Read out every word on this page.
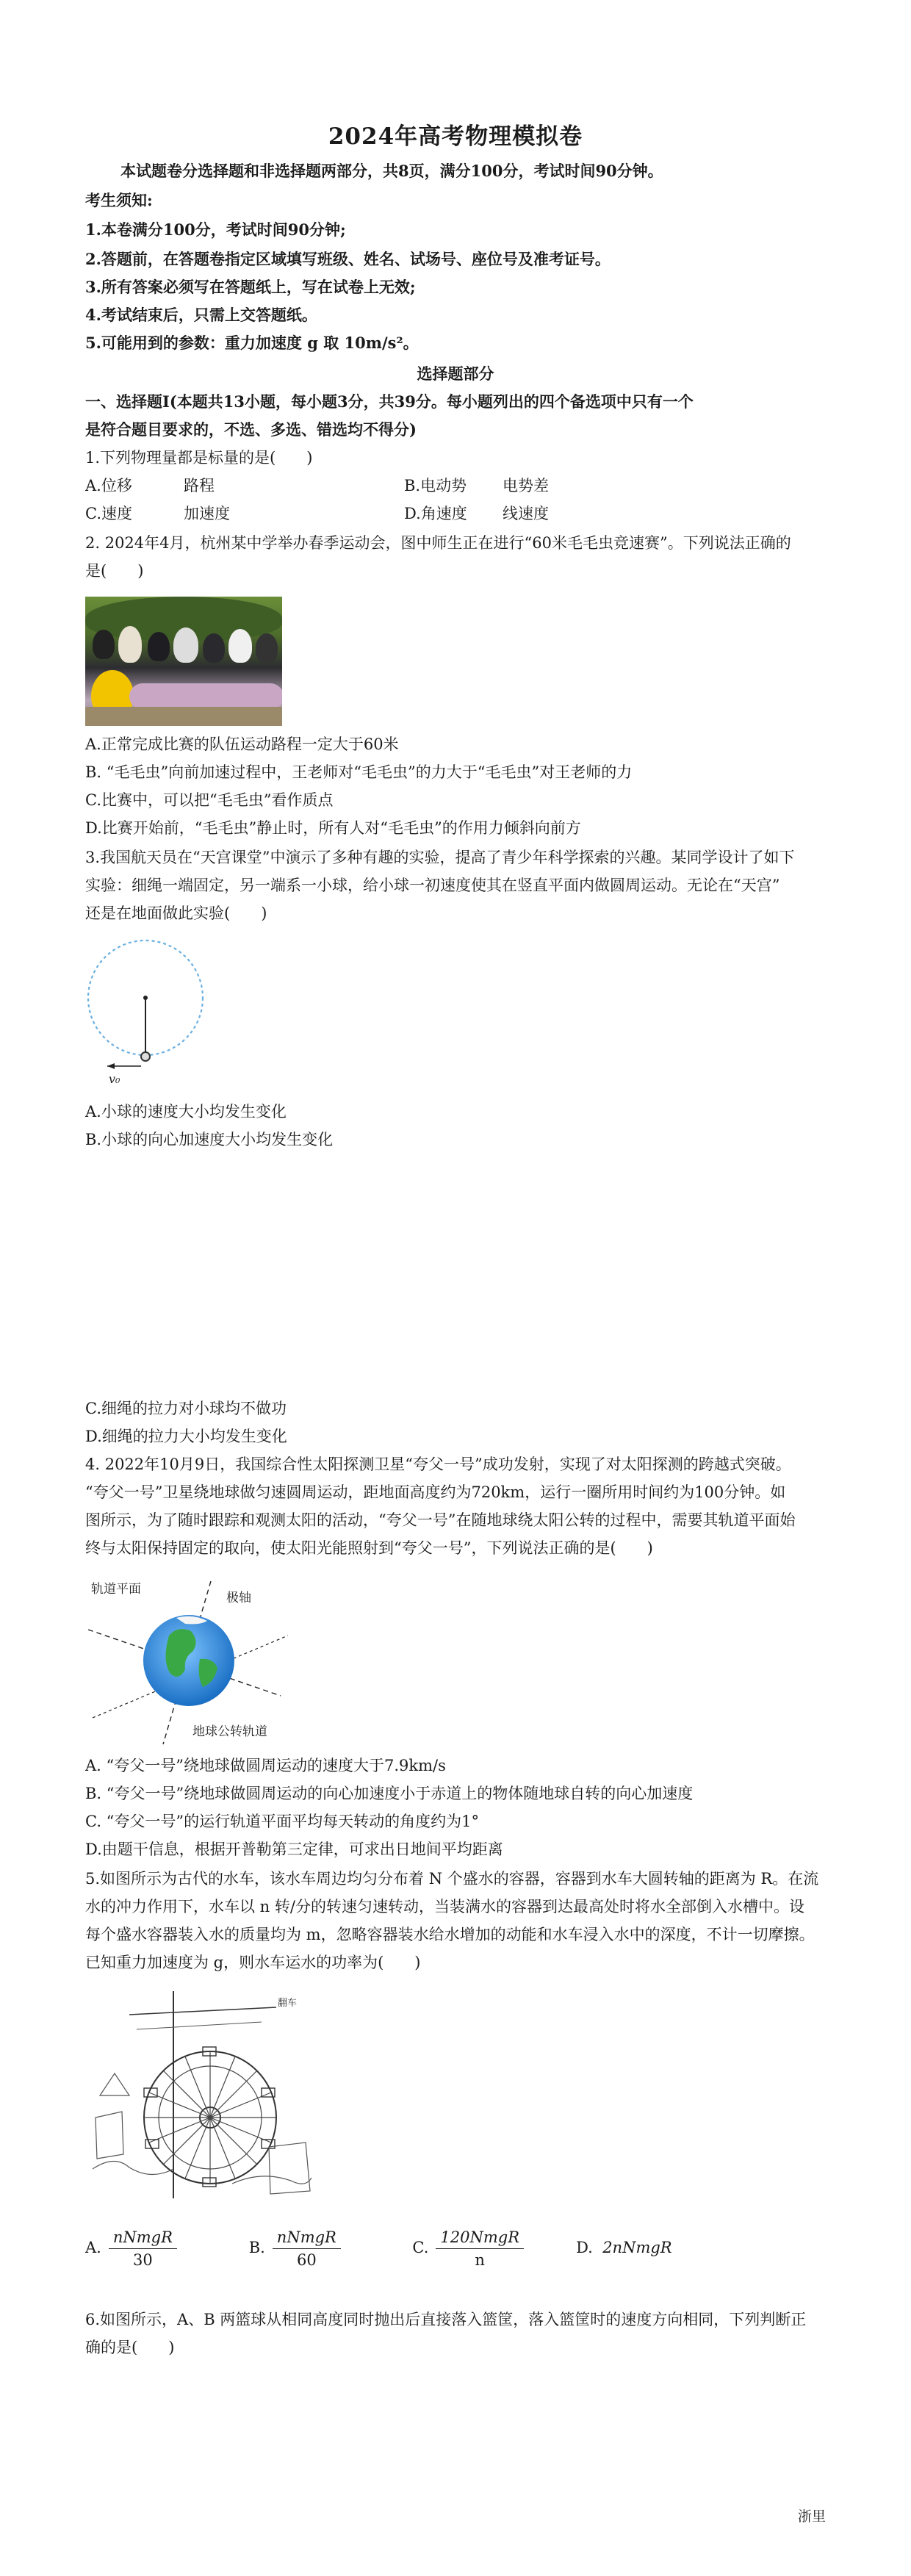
2024年高考物理模拟卷
本试题卷分选择题和非选择题两部分，共8页，满分100分，考试时间90分钟。
考生须知:
1.本卷满分100分，考试时间90分钟;
2.答题前，在答题卷指定区域填写班级、姓名、试场号、座位号及准考证号。
3.所有答案必须写在答题纸上，写在试卷上无效;
4.考试结束后，只需上交答题纸。
5.可能用到的参数：重力加速度 g 取 10m/s²。
选择题部分
一、选择题Ⅰ(本题共13小题，每小题3分，共39分。每小题列出的四个备选项中只有一个
是符合题目要求的，不选、多选、错选均不得分)
1.下列物理量都是标量的是(　　)
A.位移	路程	B.电动势 电势差
C.速度	加速度	D.角速度 线速度
2. 2024年4月，杭州某中学举办春季运动会，图中师生正在进行“60米毛毛虫竞速赛”。下列说法正确的
是(　　)
A.正常完成比赛的队伍运动路程一定大于60米
B. “毛毛虫”向前加速过程中，王老师对“毛毛虫”的力大于“毛毛虫”对王老师的力
C.比赛中，可以把“毛毛虫”看作质点
D.比赛开始前，“毛毛虫”静止时，所有人对“毛毛虫”的作用力倾斜向前方
3.我国航天员在“天宫课堂”中演示了多种有趣的实验，提高了青少年科学探索的兴趣。某同学设计了如下
实验：细绳一端固定，另一端系一小球，给小球一初速度使其在竖直平面内做圆周运动。无论在“天宫”
还是在地面做此实验(　　)
v₀
A.小球的速度大小均发生变化
B.小球的向心加速度大小均发生变化
C.细绳的拉力对小球均不做功
D.细绳的拉力大小均发生变化
4. 2022年10月9日，我国综合性太阳探测卫星“夸父一号”成功发射，实现了对太阳探测的跨越式突破。
“夸父一号”卫星绕地球做匀速圆周运动，距地面高度约为720km，运行一圈所用时间约为100分钟。如
图所示，为了随时跟踪和观测太阳的活动，“夸父一号”在随地球绕太阳公转的过程中，需要其轨道平面始
终与太阳保持固定的取向，使太阳光能照射到“夸父一号”，下列说法正确的是(　　)
轨道平面
极轴
地球公转轨道
A. “夸父一号”绕地球做圆周运动的速度大于7.9km/s
B. “夸父一号”绕地球做圆周运动的向心加速度小于赤道上的物体随地球自转的向心加速度
C. “夸父一号”的运行轨道平面平均每天转动的角度约为1°
D.由题干信息，根据开普勒第三定律，可求出日地间平均距离
5.如图所示为古代的水车，该水车周边均匀分布着 N 个盛水的容器，容器到水车大圆转轴的距离为 R。在流
水的冲力作用下，水车以 n 转/分的转速匀速转动，当装满水的容器到达最高处时将水全部倒入水槽中。设
每个盛水容器装入水的质量均为 m，忽略容器装水给水增加的动能和水车浸入水中的深度，不计一切摩擦。
已知重力加速度为 g，则水车运水的功率为(　　)
翻车
A. $\frac{\text{nNmgR}}{30}$	B. $\frac{\text{nNmgR}}{60}$	C. $\frac{\text{120NmgR}}{n}$	D. 2nNmgR
6.如图所示，A、B 两篮球从相同高度同时抛出后直接落入篮筐，落入篮筐时的速度方向相同，下列判断正
确的是(　　)
浙里
